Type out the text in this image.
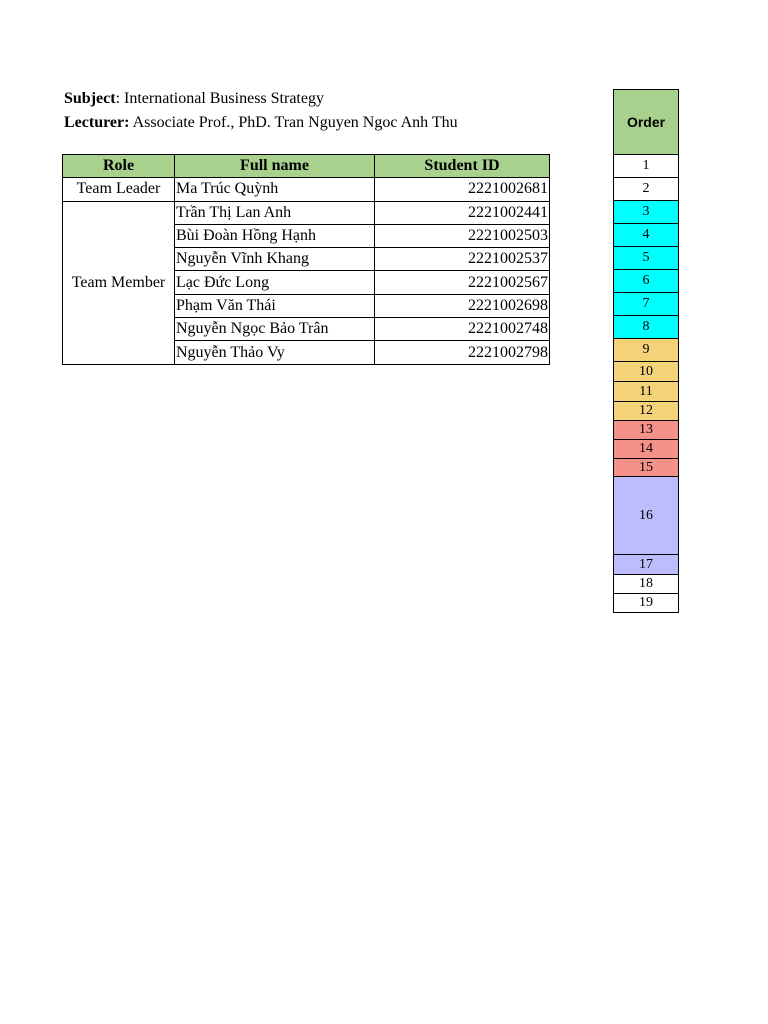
Subject: International Business Strategy
Lecturer: Associate Prof., PhD. Tran Nguyen Ngoc Anh Thu
Role	Full name	Student ID
Team Leader	Ma Trúc Quỳnh	2221002681
Team Member	Trần Thị Lan Anh	2221002441
	Bùi Đoàn Hồng Hạnh	2221002503
	Nguyễn Vĩnh Khang	2221002537
	Lạc Đức Long	2221002567
	Phạm Văn Thái	2221002698
	Nguyễn Ngọc Bảo Trân	2221002748
	Nguyễn Thảo Vy	2221002798
Order
1
2
3
4
5
6
7
8
9
10
11
12
13
14
15
16
17
18
19
